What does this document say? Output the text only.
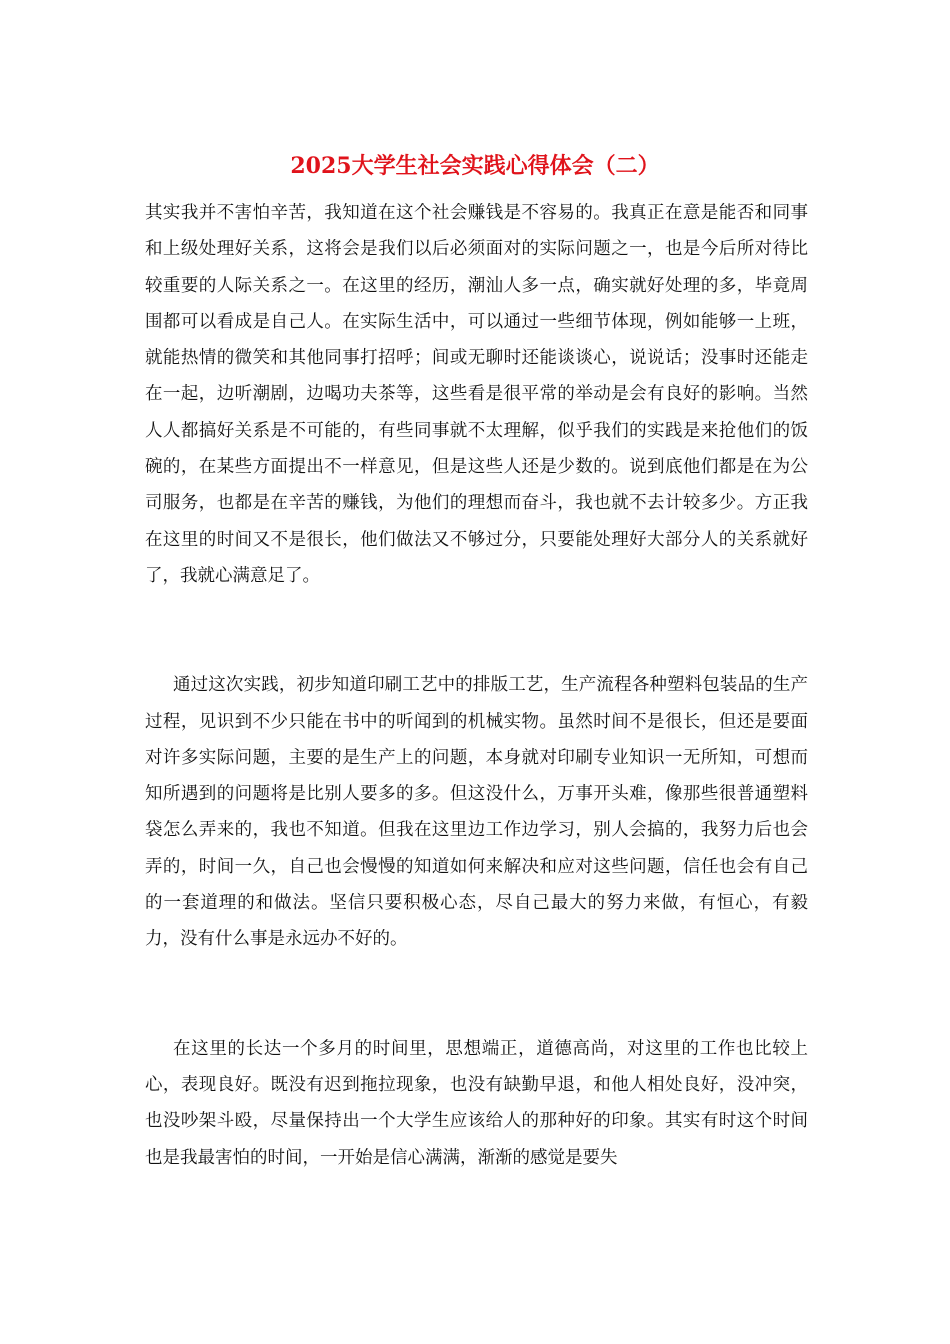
2025大学生社会实践心得体会（二）

其实我并不害怕辛苦，我知道在这个社会赚钱是不容易的。我真正在意是能否和同事和上级处理好关系，这将会是我们以后必须面对的实际问题之一，也是今后所对待比较重要的人际关系之一。在这里的经历，潮汕人多一点，确实就好处理的多，毕竟周围都可以看成是自己人。在实际生活中，可以通过一些细节体现，例如能够一上班，就能热情的微笑和其他同事打招呼；间或无聊时还能谈谈心，说说话；没事时还能走在一起，边听潮剧，边喝功夫茶等，这些看是很平常的举动是会有良好的影响。当然人人都搞好关系是不可能的，有些同事就不太理解，似乎我们的实践是来抢他们的饭碗的，在某些方面提出不一样意见，但是这些人还是少数的。说到底他们都是在为公司服务，也都是在辛苦的赚钱，为他们的理想而奋斗，我也就不去计较多少。方正我在这里的时间又不是很长，他们做法又不够过分，只要能处理好大部分人的关系就好了，我就心满意足了。

通过这次实践，初步知道印刷工艺中的排版工艺，生产流程各种塑料包装品的生产过程，见识到不少只能在书中的听闻到的机械实物。虽然时间不是很长，但还是要面对许多实际问题，主要的是生产上的问题，本身就对印刷专业知识一无所知，可想而知所遇到的问题将是比别人要多的多。但这没什么，万事开头难，像那些很普通塑料袋怎么弄来的，我也不知道。但我在这里边工作边学习，别人会搞的，我努力后也会弄的，时间一久，自己也会慢慢的知道如何来解决和应对这些问题，信任也会有自己的一套道理的和做法。坚信只要积极心态，尽自己最大的努力来做，有恒心，有毅力，没有什么事是永远办不好的。

在这里的长达一个多月的时间里，思想端正，道德高尚，对这里的工作也比较上心，表现良好。既没有迟到拖拉现象，也没有缺勤早退，和他人相处良好，没冲突，也没吵架斗殴，尽量保持出一个大学生应该给人的那种好的印象。其实有时这个时间也是我最害怕的时间，一开始是信心满满，渐渐的感觉是要失
